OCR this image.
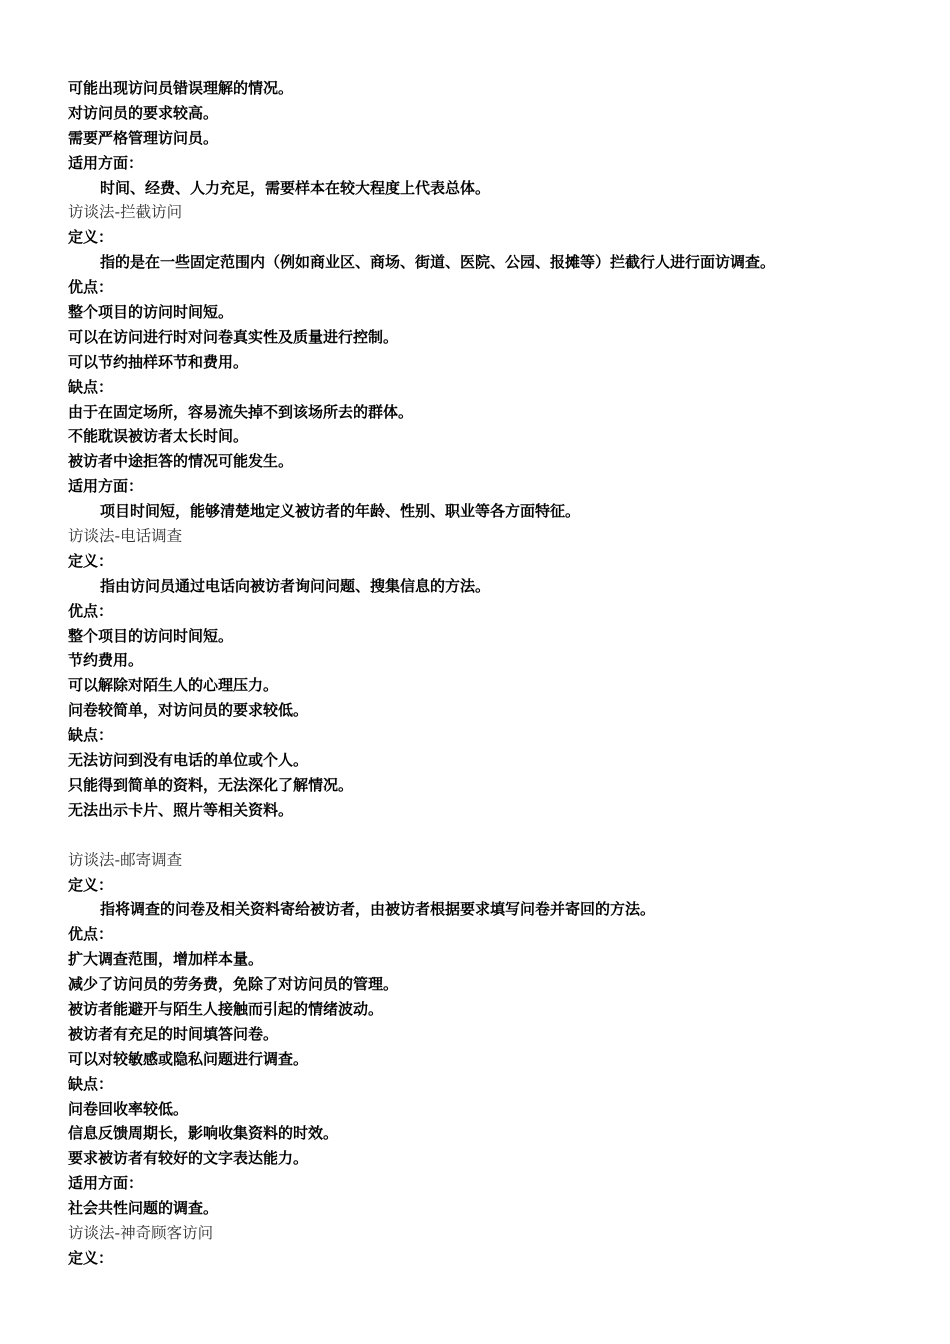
可能出现访问员错误理解的情况。
对访问员的要求较高。
需要严格管理访问员。
适用方面：
时间、经费、人力充足，需要样本在较大程度上代表总体。
访谈法-拦截访问
定义：
指的是在一些固定范围内（例如商业区、商场、街道、医院、公园、报摊等）拦截行人进行面访调查。
优点：
整个项目的访问时间短。
可以在访问进行时对问卷真实性及质量进行控制。
可以节约抽样环节和费用。
缺点：
由于在固定场所，容易流失掉不到该场所去的群体。
不能耽误被访者太长时间。
被访者中途拒答的情况可能发生。
适用方面：
项目时间短，能够清楚地定义被访者的年龄、性别、职业等各方面特征。
访谈法-电话调查
定义：
指由访问员通过电话向被访者询问问题、搜集信息的方法。
优点：
整个项目的访问时间短。
节约费用。
可以解除对陌生人的心理压力。
问卷较简单，对访问员的要求较低。
缺点：
无法访问到没有电话的单位或个人。
只能得到简单的资料，无法深化了解情况。
无法出示卡片、照片等相关资料。
访谈法-邮寄调查
定义：
指将调查的问卷及相关资料寄给被访者，由被访者根据要求填写问卷并寄回的方法。
优点：
扩大调查范围，增加样本量。
减少了访问员的劳务费，免除了对访问员的管理。
被访者能避开与陌生人接触而引起的情绪波动。
被访者有充足的时间填答问卷。
可以对较敏感或隐私问题进行调查。
缺点：
问卷回收率较低。
信息反馈周期长，影响收集资料的时效。
要求被访者有较好的文字表达能力。
适用方面：
社会共性问题的调查。
访谈法-神奇顾客访问
定义：
